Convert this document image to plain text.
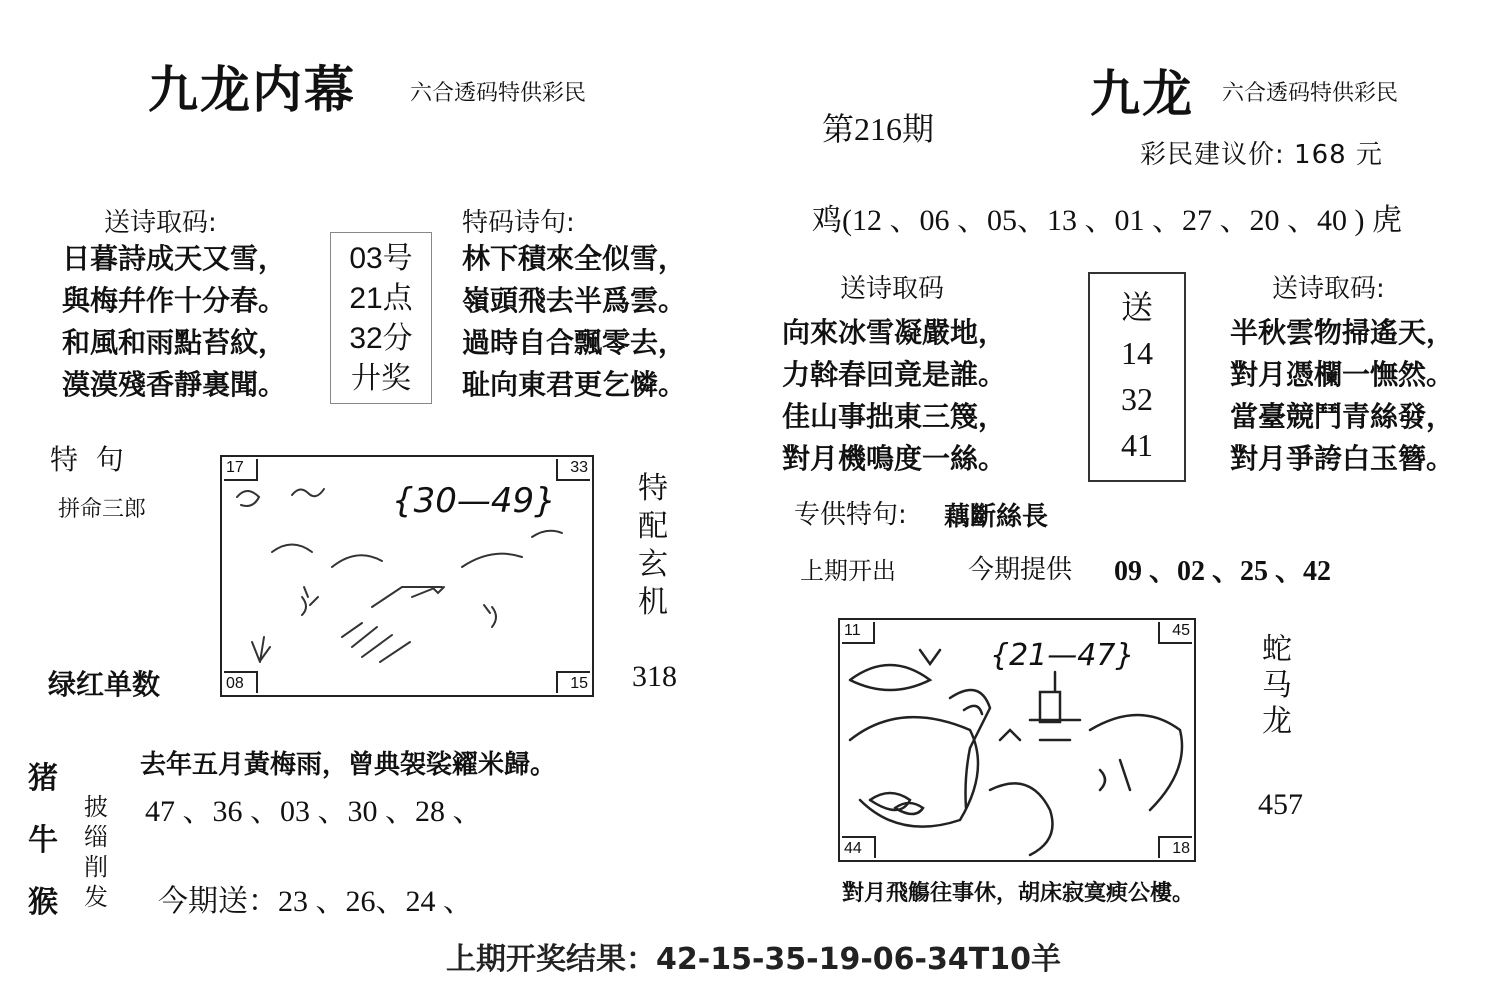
九龙内幕 六合透码特供彩民
送诗取码:
日暮詩成天又雪，
與梅幷作十分春。
和風和雨點苔紋，
漠漠殘香靜裏聞。
03号
21点
32分
廾奖
特码诗句:
林下積來全似雪，
嶺頭飛去半爲雲。
過時自合飄零去，
耻向東君更乞憐。
特  句
拼命三郎	{30—49}
17	33
08	15
特
配
玄
机
绿红单数	318
猪
牛
猴
去年五月黃梅雨，曾典袈裟糴米歸。
披
缁
削
发
47 、36 、03 、30 、28 、
今期送：23 、26、24 、
第216期
九龙 六合透码特供彩民
彩民建议价: 168 元
鸡(12 、06 、05、13 、01 、27 、20 、40 ) 虎
送诗取码
向來冰雪凝嚴地，
力斡春回竟是誰。
佳山事拙東三篾，
對月機鳴度一絲。
送
14
32
41
送诗取码:
半秋雲物掃遙天，
對月憑欄一憮然。
當臺競鬥青絲發，
對月爭誇白玉簪。
专供特句: 藕斷絲長
上期开出	今期提供 09 、02 、25 、42
{21—47}
11	45
44	18
蛇
马
龙
457
對月飛觴往事休，胡床寂寞瘐公樓。
上期开奖结果：42-15-35-19-06-34T10羊
